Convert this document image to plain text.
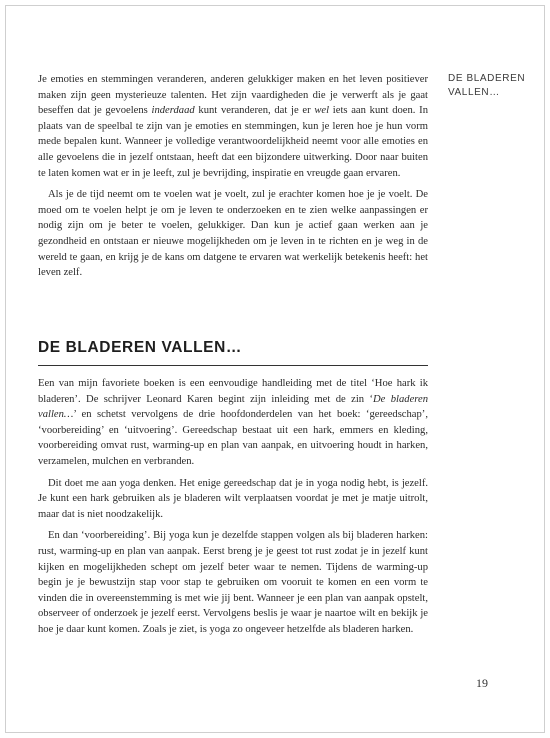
Je emoties en stemmingen veranderen, anderen gelukkiger maken en het leven positiever maken zijn geen mysterieuze talenten. Het zijn vaardigheden die je verwerft als je gaat beseffen dat je gevoelens inderdaad kunt veranderen, dat je er wel iets aan kunt doen. In plaats van de speelbal te zijn van je emoties en stemmingen, kun je leren hoe je hun vorm mede bepalen kunt. Wanneer je volledige verantwoordelijkheid neemt voor alle emoties en alle gevoelens die in jezelf ontstaan, heeft dat een bijzondere uitwerking. Door naar buiten te laten komen wat er in je leeft, zul je bevrijding, inspiratie en vreugde gaan ervaren.

Als je de tijd neemt om te voelen wat je voelt, zul je erachter komen hoe je je voelt. De moed om te voelen helpt je om je leven te onderzoeken en te zien welke aanpassingen er nodig zijn om je beter te voelen, gelukkiger. Dan kun je actief gaan werken aan je gezondheid en ontstaan er nieuwe mogelijkheden om je leven in te richten en je weg in de wereld te gaan, en krijg je de kans om datgene te ervaren wat werkelijk betekenis heeft: het leven zelf.

DE BLADEREN VALLEN…
DE BLADEREN VALLEN…

Een van mijn favoriete boeken is een eenvoudige handleiding met de titel ‘Hoe hark ik bladeren’. De schrijver Leonard Karen begint zijn inleiding met de zin ‘De bladeren vallen…’ en schetst vervolgens de drie hoofdonderdelen van het boek: ‘gereedschap’, ‘voorbereiding’ en ‘uitvoering’. Gereedschap bestaat uit een hark, emmers en kleding, voorbereiding omvat rust, warming-up en plan van aanpak, en uitvoering houdt in harken, verzamelen, mulchen en verbranden.

Dit doet me aan yoga denken. Het enige gereedschap dat je in yoga nodig hebt, is jezelf. Je kunt een hark gebruiken als je bladeren wilt verplaatsen voordat je met je matje uitrolt, maar dat is niet noodzakelijk.

En dan ‘voorbereiding’. Bij yoga kun je dezelfde stappen volgen als bij bladeren harken: rust, warming-up en plan van aanpak. Eerst breng je je geest tot rust zodat je in jezelf kunt kijken en mogelijkheden schept om jezelf beter waar te nemen. Tijdens de warming-up begin je je bewustzijn stap voor stap te gebruiken om vooruit te komen en een vorm te vinden die in overeenstemming is met wie jij bent. Wanneer je een plan van aanpak opstelt, observeer of onderzoek je jezelf eerst. Vervolgens beslis je waar je naartoe wilt en bekijk je hoe je daar kunt komen. Zoals je ziet, is yoga zo ongeveer hetzelfde als bladeren harken.

19
